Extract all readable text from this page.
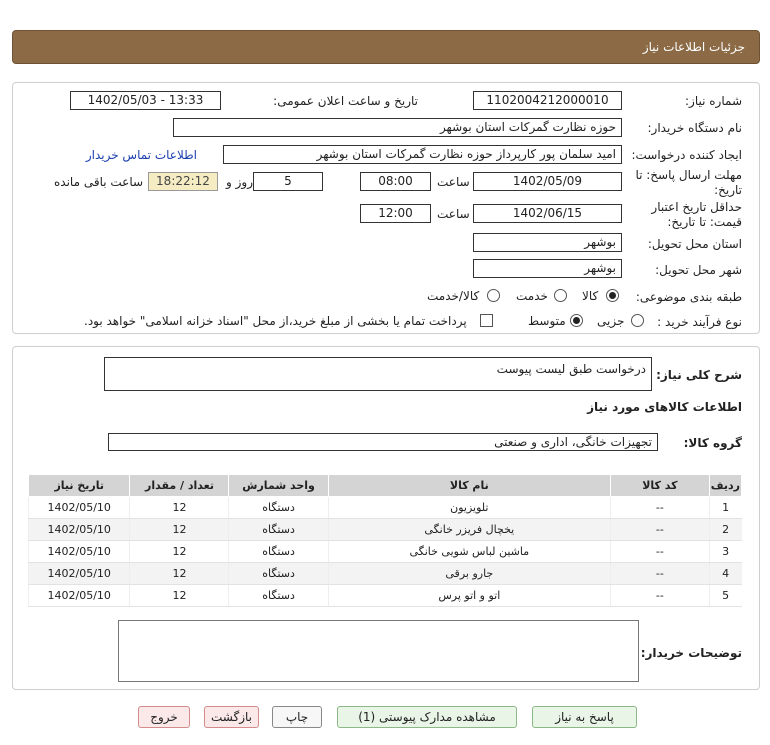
جزئیات اطلاعات نیاز
شماره نیاز:
1102004212000010
تاریخ و ساعت اعلان عمومی:
1402/05/03 - 13:33
نام دستگاه خریدار:
حوزه نظارت گمرکات استان بوشهر
ایجاد کننده درخواست:
امید سلمان پور کارپرداز حوزه نظارت گمرکات استان بوشهر
اطلاعات تماس خریدار
مهلت ارسال پاسخ: تا تاریخ:
1402/05/09
ساعت
08:00
5
روز و
18:22:12
ساعت باقی مانده
حداقل تاریخ اعتبار قیمت: تا تاریخ:
1402/06/15
ساعت
12:00
استان محل تحویل:
بوشهر
شهر محل تحویل:
بوشهر
طبقه بندی موضوعی:
کالا
خدمت
کالا/خدمت
نوع فرآیند خرید :
جزیی
متوسط
پرداخت تمام یا بخشی از مبلغ خرید،از محل "اسناد خزانه اسلامی" خواهد بود.
شرح کلی نیاز:
درخواست طبق لیست پیوست
اطلاعات کالاهای مورد نیاز
گروه کالا:
تجهیزات خانگی، اداری و صنعتی
ردیف	کد کالا	نام کالا	واحد شمارش	تعداد / مقدار	تاریخ نیاز
1	--	تلویزیون	دستگاه	12	1402/05/10
2	--	یخچال فریزر خانگی	دستگاه	12	1402/05/10
3	--	ماشین لباس شویی خانگی	دستگاه	12	1402/05/10
4	--	جارو برقی	دستگاه	12	1402/05/10
5	--	اتو و اتو پرس	دستگاه	12	1402/05/10
توضیحات خریدار:
پاسخ به نیاز
مشاهده مدارک پیوستی (1)
چاپ
بازگشت
خروج
